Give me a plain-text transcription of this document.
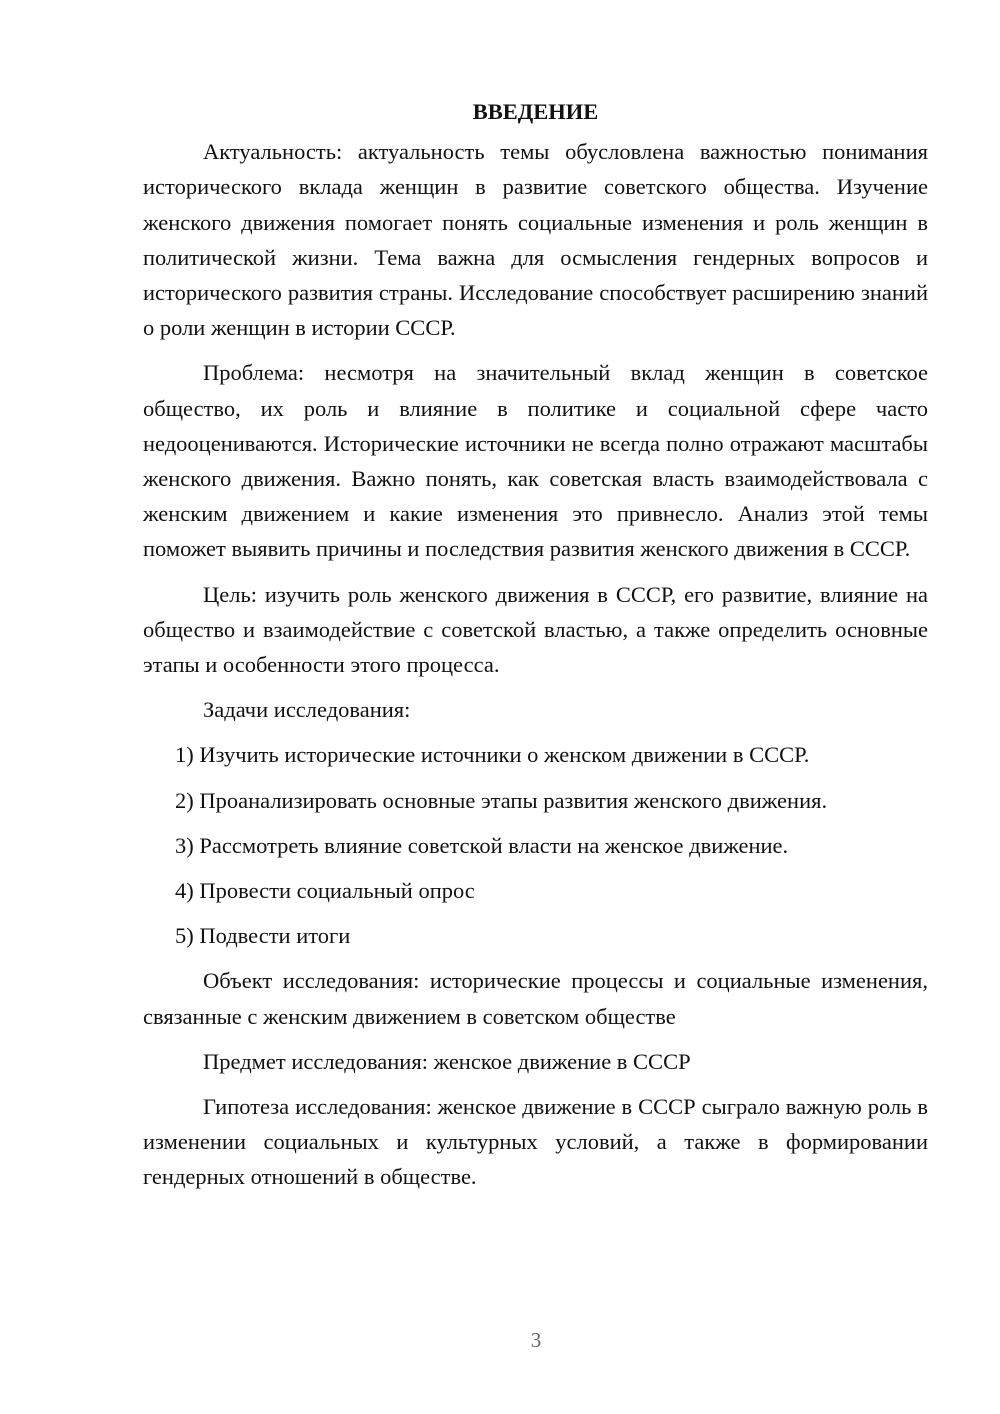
ВВЕДЕНИЕ

Актуальность: актуальность темы обусловлена важностью понимания исторического вклада женщин в развитие советского общества. Изучение женского движения помогает понять социальные изменения и роль женщин в политической жизни. Тема важна для осмысления гендерных вопросов и исторического развития страны. Исследование способствует расширению знаний о роли женщин в истории СССР.

Проблема: несмотря на значительный вклад женщин в советское общество, их роль и влияние в политике и социальной сфере часто недооцениваются. Исторические источники не всегда полно отражают масштабы женского движения. Важно понять, как советская власть взаимодействовала с женским движением и какие изменения это привнесло. Анализ этой темы поможет выявить причины и последствия развития женского движения в СССР.

Цель: изучить роль женского движения в СССР, его развитие, влияние на общество и взаимодействие с советской властью, а также определить основные этапы и особенности этого процесса.

Задачи исследования:

1) Изучить исторические источники о женском движении в СССР.
2) Проанализировать основные этапы развития женского движения.
3) Рассмотреть влияние советской власти на женское движение.
4) Провести социальный опрос
5) Подвести итоги

Объект исследования: исторические процессы и социальные изменения, связанные с женским движением в советском обществе

Предмет исследования: женское движение в СССР

Гипотеза исследования: женское движение в СССР сыграло важную роль в изменении социальных и культурных условий, а также в формировании гендерных отношений в обществе.

3
